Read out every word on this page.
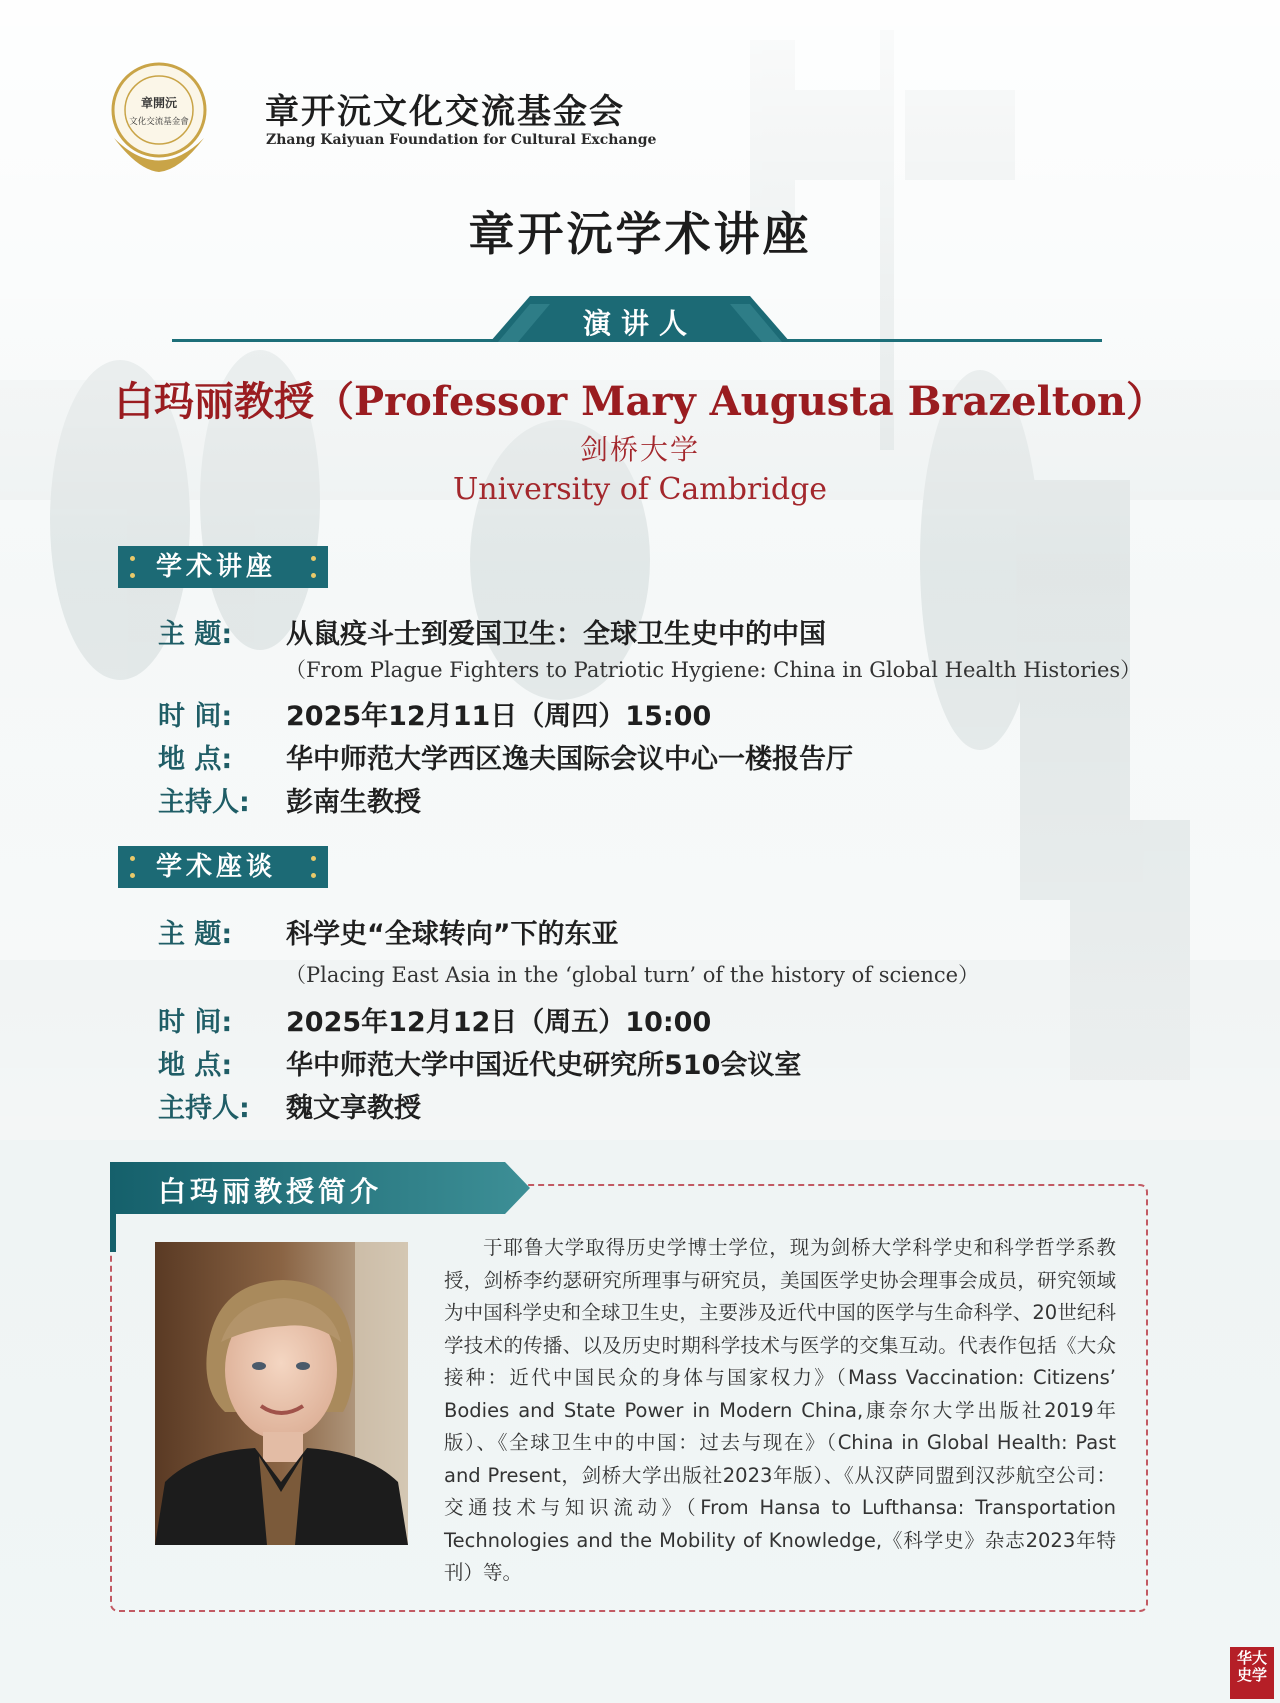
章開沅
文化交流基金會 章开沅文化交流基金会
Zhang Kaiyuan Foundation for Cultural Exchange
章开沅学术讲座
演讲人
白玛丽教授（Professor Mary Augusta Brazelton）
剑桥大学
University of Cambridge
学术讲座
主 题: 从鼠疫斗士到爱国卫生：全球卫生史中的中国
（From Plague Fighters to Patriotic Hygiene: China in Global Health Histories）
时 间: 2025年12月11日（周四）15:00
地 点: 华中师范大学西区逸夫国际会议中心一楼报告厅
主持人: 彭南生教授
学术座谈
主 题: 科学史“全球转向”下的东亚
（Placing East Asia in the ‘global turn’ of the history of science）
时 间: 2025年12月12日（周五）10:00
地 点: 华中师范大学中国近代史研究所510会议室
主持人: 魏文享教授
白玛丽教授简介
于耶鲁大学取得历史学博士学位，现为剑桥大学科学史和科学哲学系教授，剑桥李约瑟研究所理事与研究员，美国医学史协会理事会成员，研究领域为中国科学史和全球卫生史，主要涉及近代中国的医学与生命科学、20世纪科学技术的传播、以及历史时期科学技术与医学的交集互动。代表作包括《大众接种：近代中国民众的身体与国家权力》（Mass Vaccination: Citizens’ Bodies and State Power in Modern China,康奈尔大学出版社2019年版）、《全球卫生中的中国：过去与现在》（China in Global Health: Past and Present，剑桥大学出版社2023年版）、《从汉萨同盟到汉莎航空公司：交通技术与知识流动》（From Hansa to Lufthansa: Transportation Technologies and the Mobility of Knowledge,《科学史》杂志2023年特刊）等。
华大史学
